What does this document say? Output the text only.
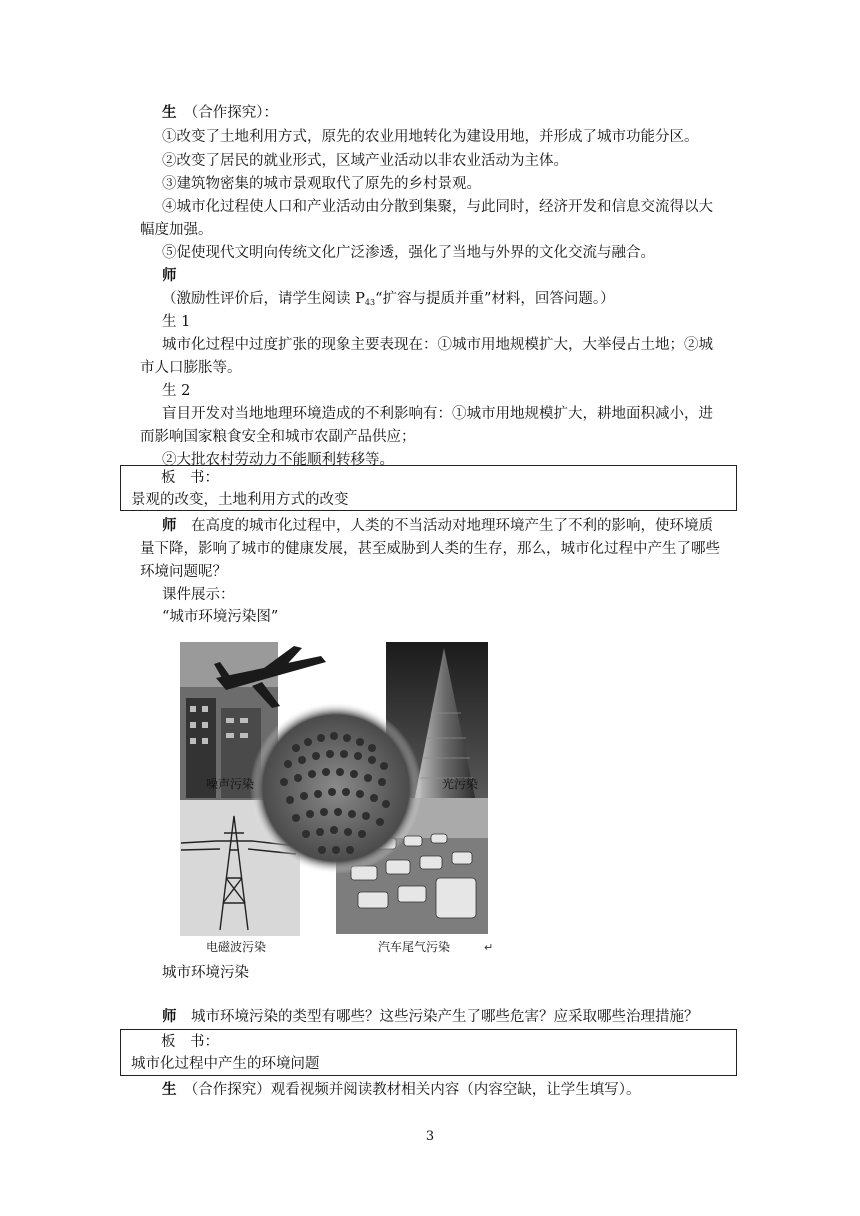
生　 （合作探究）：
①改变了土地利用方式，原先的农业用地转化为建设用地，并形成了城市功能分区。
②改变了居民的就业形式，区域产业活动以非农业活动为主体。
③建筑物密集的城市景观取代了原先的乡村景观。
④城市化过程使人口和产业活动由分散到集聚，与此同时，经济开发和信息交流得以大
幅度加强。
⑤促使现代文明向传统文化广泛渗透，强化了当地与外界的文化交流与融合。
师
（激励性评价后，请学生阅读 $P_{43}“$扩容与提质并重”材料，回答问题。）
生 1
城市化过程中过度扩张的现象主要表现在：①城市用地规模扩大，大举侵占土地；②城
市人口膨胀等。
生 2
盲目开发对当地地理环境造成的不利影响有：①城市用地规模扩大，耕地面积减小，进
而影响国家粮食安全和城市农副产品供应；
②大批农村劳动力不能顺利转移等。
板　书：
景观的改变，土地利用方式的改变
师　 在高度的城市化过程中，人类的不当活动对地理环境产生了不利的影响，使环境质
量下降，影响了城市的健康发展，甚至威胁到人类的生存，那么，城市化过程中产生了哪些
环境问题呢？
课件展示：
“城市环境污染图”
噪声污染	光污染
电磁波污染	汽车尾气污染	↵
城市环境污染
师　 城市环境污染的类型有哪些？这些污染产生了哪些危害？应采取哪些治理措施？
板　书：
城市化过程中产生的环境问题
生　 （合作探究）观看视频并阅读教材相关内容（内容空缺，让学生填写）。
3
